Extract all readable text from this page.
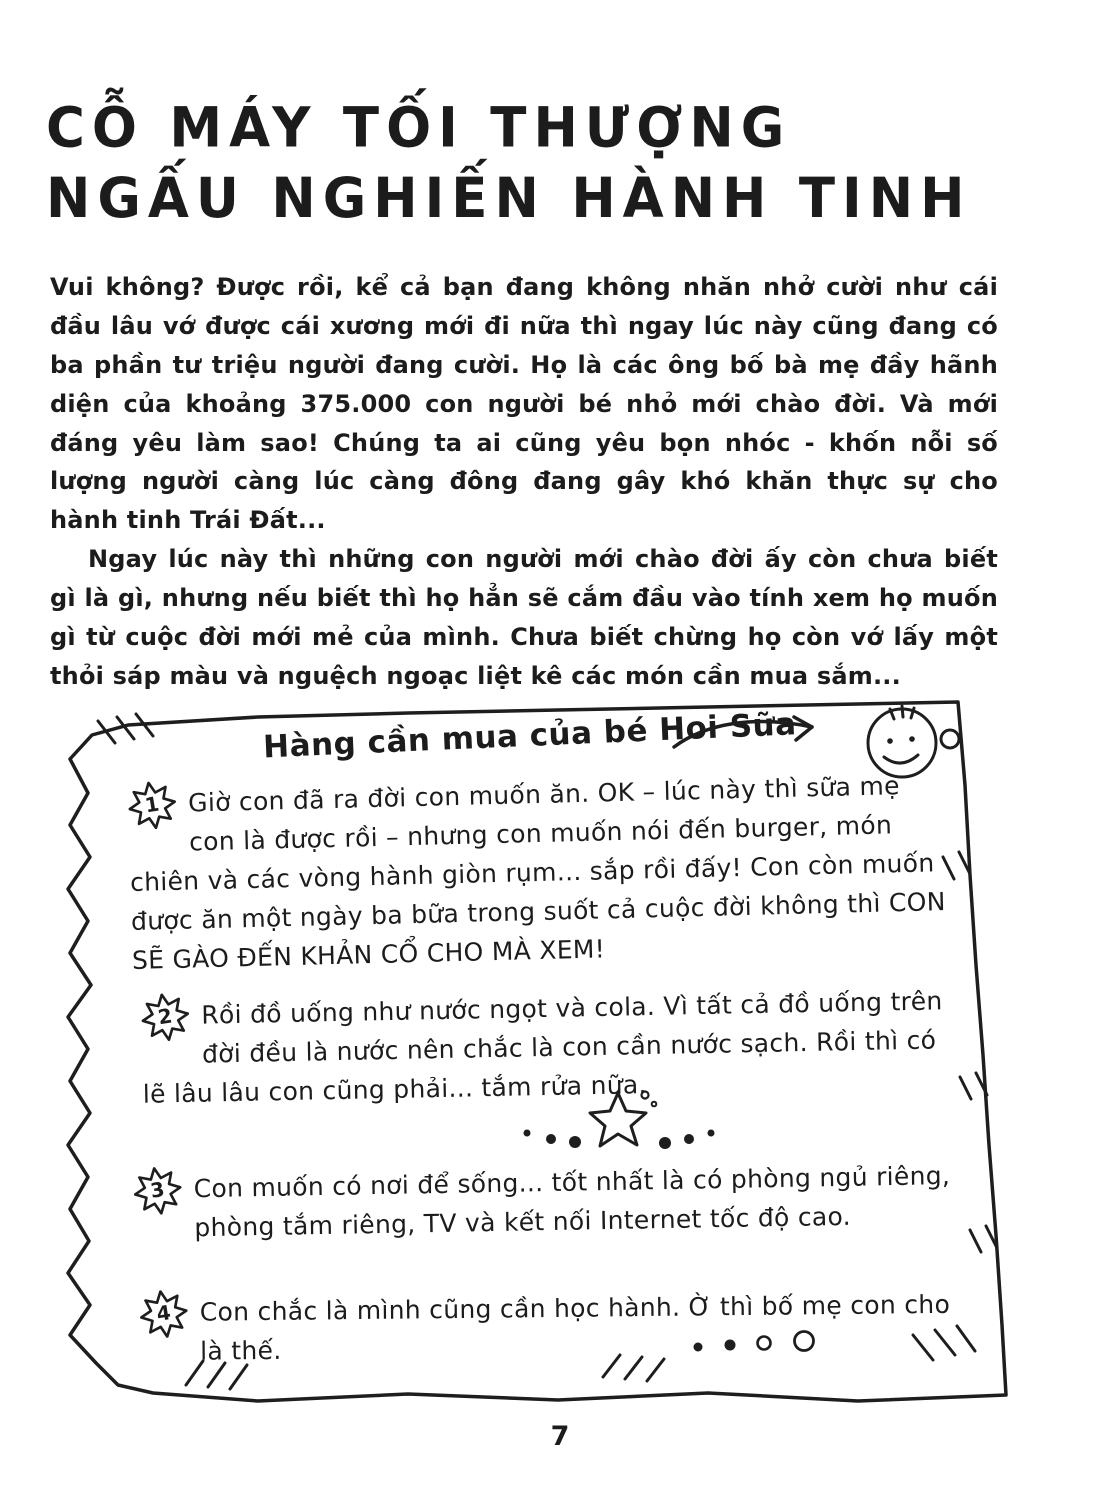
CỖ MÁY TỐI THƯỢNG
NGẤU NGHIẾN HÀNH TINH

Vui không? Được rồi, kể cả bạn đang không nhăn nhở cười như cái đầu lâu vớ được cái xương mới đi nữa thì ngay lúc này cũng đang có ba phần tư triệu người đang cười. Họ là các ông bố bà mẹ đầy hãnh diện của khoảng 375.000 con người bé nhỏ mới chào đời. Và mới đáng yêu làm sao! Chúng ta ai cũng yêu bọn nhóc - khốn nỗi số lượng người càng lúc càng đông đang gây khó khăn thực sự cho hành tinh Trái Đất...

Ngay lúc này thì những con người mới chào đời ấy còn chưa biết gì là gì, nhưng nếu biết thì họ hẳn sẽ cắm đầu vào tính xem họ muốn gì từ cuộc đời mới mẻ của mình. Chưa biết chừng họ còn vớ lấy một thỏi sáp màu và nguệch ngoạc liệt kê các món cần mua sắm...

Hàng cần mua của bé Hoi Sữa
1	Giờ con đã ra đời con muốn ăn. OK – lúc này thì sữa mẹ con là được rồi – nhưng con muốn nói đến burger, món chiên và các vòng hành giòn rụm... sắp rồi đấy! Con còn muốn được ăn một ngày ba bữa trong suốt cả cuộc đời không thì CON SẼ GÀO ĐẾN KHẢN CỔ CHO MÀ XEM!
2	Rồi đồ uống như nước ngọt và cola. Vì tất cả đồ uống trên đời đều là nước nên chắc là con cần nước sạch. Rồi thì có lẽ lâu lâu con cũng phải... tắm rửa nữa.
3	Con muốn có nơi để sống... tốt nhất là có phòng ngủ riêng, phòng tắm riêng, TV và kết nối Internet tốc độ cao.
4	Con chắc là mình cũng cần học hành. Ờ thì bố mẹ con cho là thế.
7
